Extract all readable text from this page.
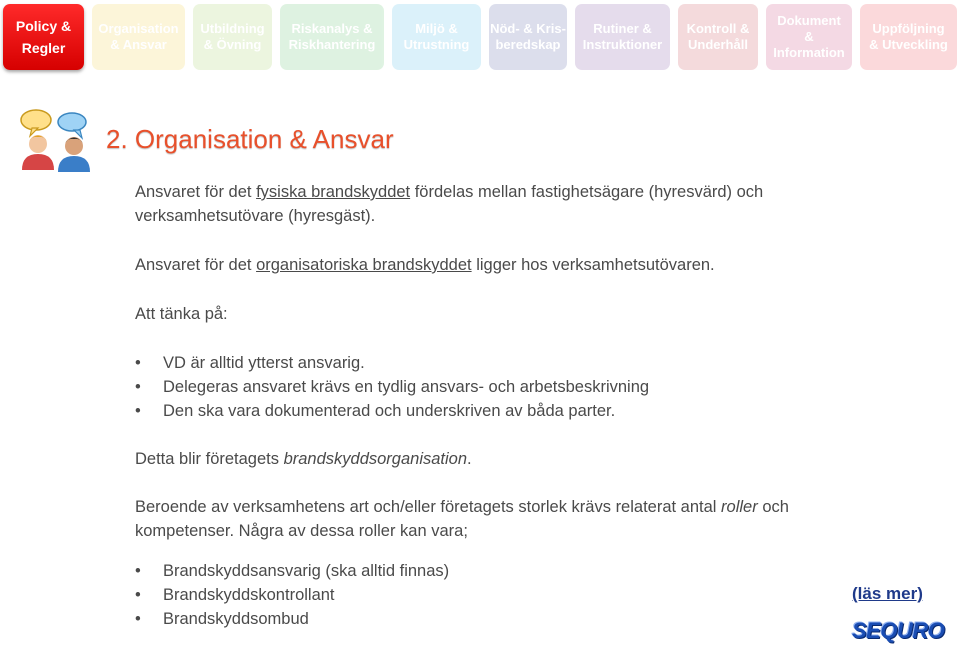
Policy &
Regler
Organisation
& Ansvar
Utbildning
& Övning
Riskanalys &
Riskhantering
Miljö &
Utrustning
Nöd- & Kris-
beredskap
Rutiner &
Instruktioner
Kontroll &
Underhåll
Dokument
&
Information
Uppföljning
& Utveckling
2. Organisation & Ansvar

Ansvaret för det fysiska brandskyddet fördelas mellan fastighetsägare (hyresvärd) och verksamhetsutövare (hyresgäst).

Ansvaret för det organisatoriska brandskyddet ligger hos verksamhetsutövaren.

Att tänka på:

• VD är alltid ytterst ansvarig.
• Delegeras ansvaret krävs en tydlig ansvars- och arbetsbeskrivning
• Den ska vara dokumenterad och underskriven av båda parter.

Detta blir företagets brandskyddsorganisation.

Beroende av verksamhetens art och/eller företagets storlek krävs relaterat antal roller och kompetenser. Några av dessa roller kan vara;

• Brandskyddsansvarig (ska alltid finnas)
• Brandskyddskontrollant
• Brandskyddsombud
(läs mer)
SEQURO
